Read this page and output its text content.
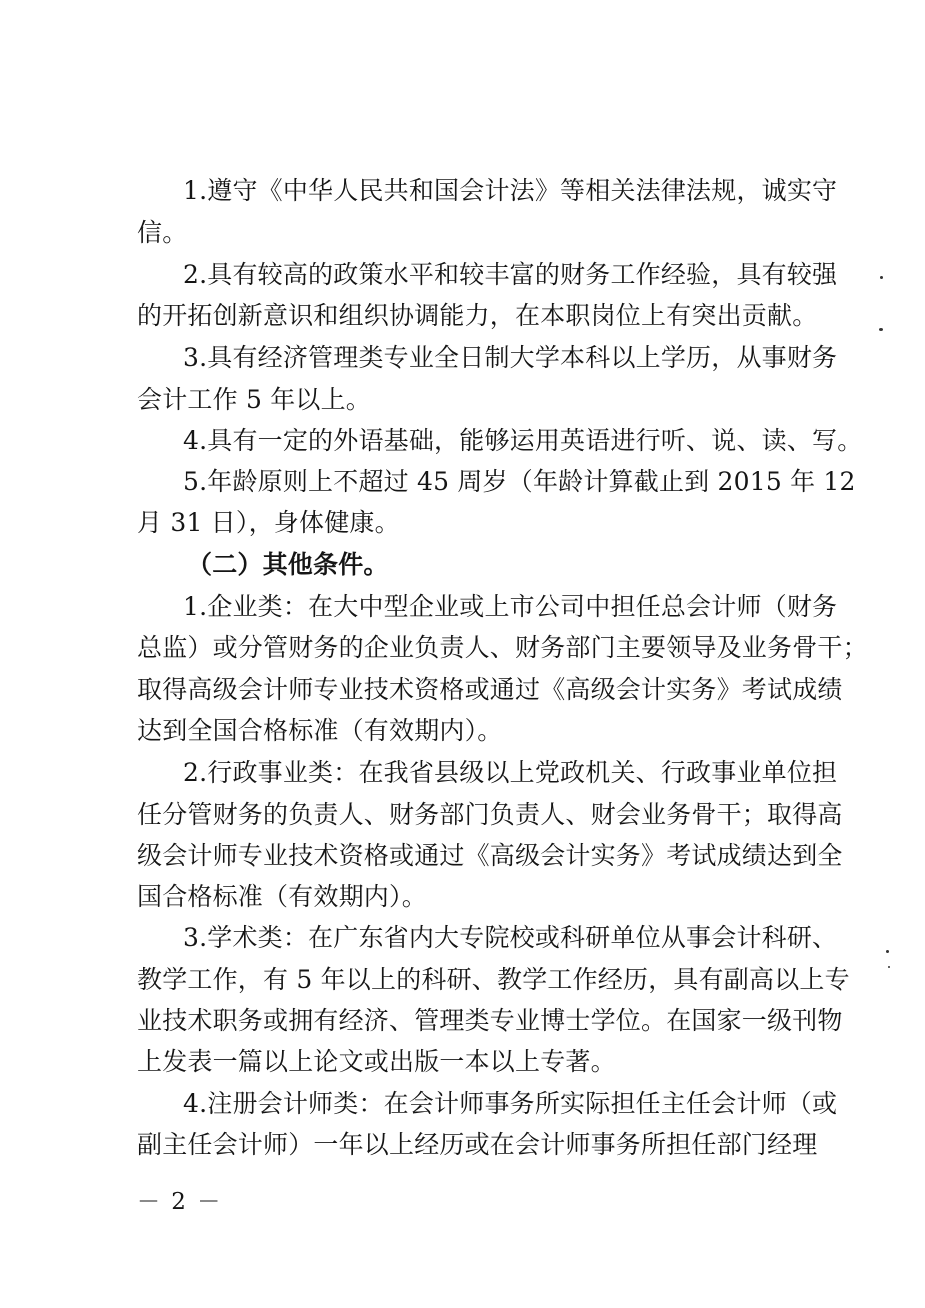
1.遵守《中华人民共和国会计法》等相关法律法规，诚实守
信。
2.具有较高的政策水平和较丰富的财务工作经验，具有较强
的开拓创新意识和组织协调能力，在本职岗位上有突出贡献。
3.具有经济管理类专业全日制大学本科以上学历，从事财务
会计工作 5 年以上。
4.具有一定的外语基础，能够运用英语进行听、说、读、写。
5.年龄原则上不超过 45 周岁（年龄计算截止到 2015 年 12
月 31 日），身体健康。
（二）其他条件。
1.企业类：在大中型企业或上市公司中担任总会计师（财务
总监）或分管财务的企业负责人、财务部门主要领导及业务骨干；
取得高级会计师专业技术资格或通过《高级会计实务》考试成绩
达到全国合格标准（有效期内）。
2.行政事业类：在我省县级以上党政机关、行政事业单位担
任分管财务的负责人、财务部门负责人、财会业务骨干；取得高
级会计师专业技术资格或通过《高级会计实务》考试成绩达到全
国合格标准（有效期内）。
3.学术类：在广东省内大专院校或科研单位从事会计科研、
教学工作，有 5 年以上的科研、教学工作经历，具有副高以上专
业技术职务或拥有经济、管理类专业博士学位。在国家一级刊物
上发表一篇以上论文或出版一本以上专著。
4.注册会计师类：在会计师事务所实际担任主任会计师（或
副主任会计师）一年以上经历或在会计师事务所担任部门经理
－ 2 －
